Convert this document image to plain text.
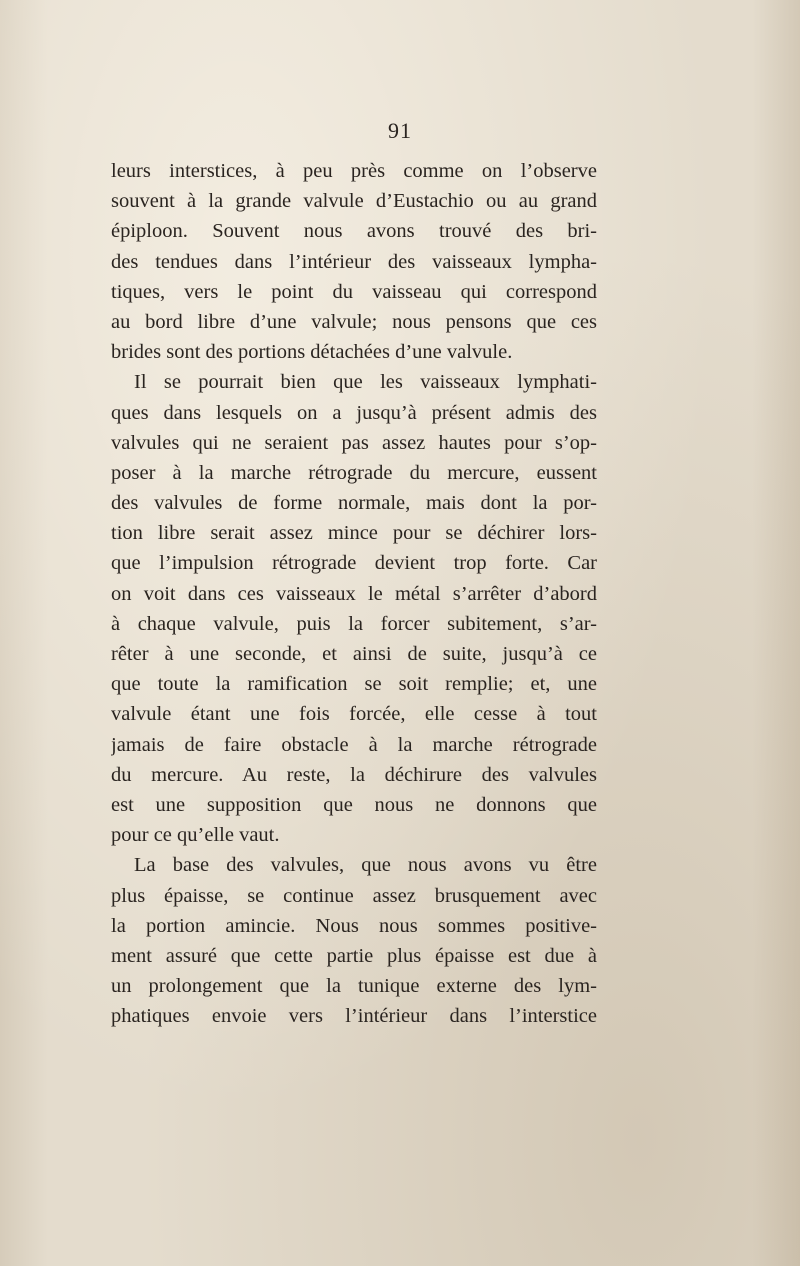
91
leurs interstices, à peu près comme on l’observe
souvent à la grande valvule d’Eustachio ou au grand
épiploon. Souvent nous avons trouvé des bri-
des tendues dans l’intérieur des vaisseaux lympha-
tiques, vers le point du vaisseau qui correspond
au bord libre d’une valvule; nous pensons que ces
brides sont des portions détachées d’une valvule.
Il se pourrait bien que les vaisseaux lymphati-
ques dans lesquels on a jusqu’à présent admis des
valvules qui ne seraient pas assez hautes pour s’op-
poser à la marche rétrograde du mercure, eussent
des valvules de forme normale, mais dont la por-
tion libre serait assez mince pour se déchirer lors-
que l’impulsion rétrograde devient trop forte. Car
on voit dans ces vaisseaux le métal s’arrêter d’abord
à chaque valvule, puis la forcer subitement, s’ar-
rêter à une seconde, et ainsi de suite, jusqu’à ce
que toute la ramification se soit remplie; et, une
valvule étant une fois forcée, elle cesse à tout
jamais de faire obstacle à la marche rétrograde
du mercure. Au reste, la déchirure des valvules
est une supposition que nous ne donnons que
pour ce qu’elle vaut.
La base des valvules, que nous avons vu être
plus épaisse, se continue assez brusquement avec
la portion amincie. Nous nous sommes positive-
ment assuré que cette partie plus épaisse est due à
un prolongement que la tunique externe des lym-
phatiques envoie vers l’intérieur dans l’interstice
